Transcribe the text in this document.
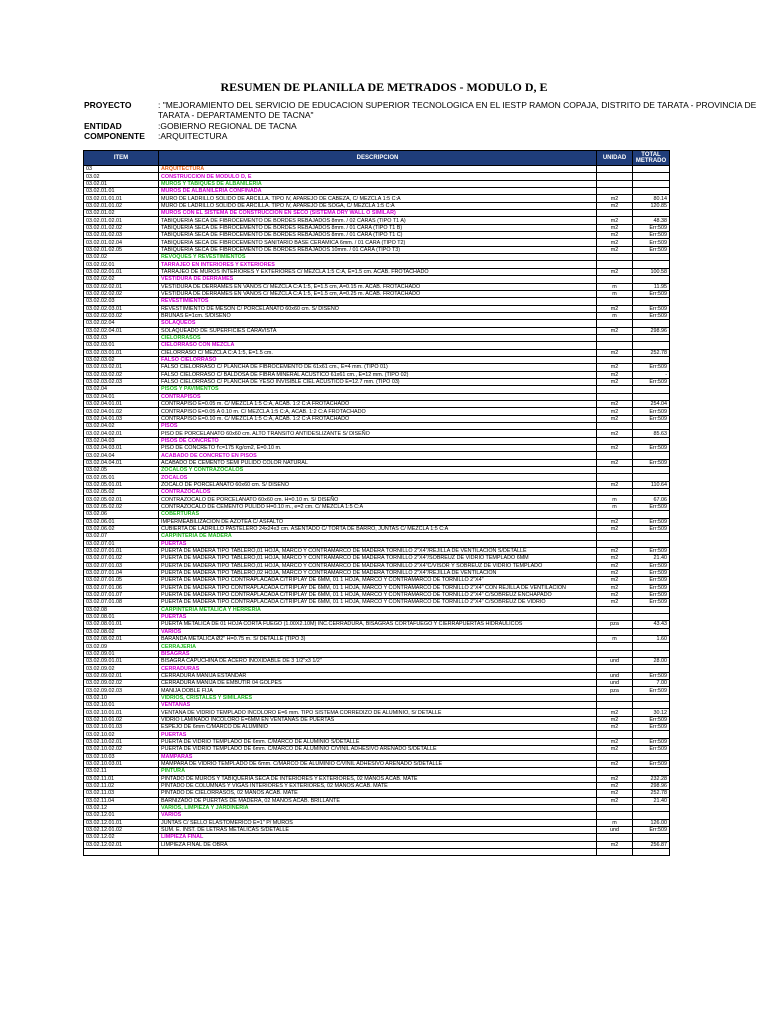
RESUMEN DE PLANILLA DE METRADOS - MODULO D, E
PROYECTO	: "MEJORAMIENTO DEL SERVICIO DE EDUCACION SUPERIOR TECNOLOGICA EN EL IESTP RAMON COPAJA, DISTRITO DE TARATA - PROVINCIA DE TARATA - DEPARTAMENTO DE TACNA"
ENTIDAD	:GOBIERNO REGIONAL DE TACNA
COMPONENTE :ARQUITECTURA
ITEM	DESCRIPCION	UNIDAD	TOTAL METRADO
03	ARQUITECTURA		
03.02	CONSTRUCCION DE MODULO D, E		
03.02.01	MUROS Y TABIQUES DE ALBAÑILERIA		
03.02.01.01	MUROS DE ALBAÑILERIA CONFINADA		
03.02.01.01.01	MURO DE LADRILLO SOLIDO DE ARCILLA. TIPO IV, APAREJO DE CABEZA, C/ MEZCLA 1:5 C:A	m2	80.14
03.02.01.01.02	MURO DE LADRILLO SOLIDO DE ARCILLA. TIPO IV, APAREJO DE SOGA, C/ MEZCLA 1:5 C:A	m2	120.85
03.02.01.02	MUROS CON EL SISTEMA DE CONSTRUCCION EN SECO (SISTEMA DRY WALL O SIMILAR)		
03.02.01.02.01	TABIQUERIA SECA DE FIBROCEMENTO DE BORDES REBAJADOS 8mm. / 02 CARAS (TIPO T1 A)	m2	48.38
03.02.01.02.02	TABIQUERIA SECA DE FIBROCEMENTO DE BORDES REBAJADOS 8mm. / 01 CARA (TIPO T1 B)	m2	Err:509
03.02.01.02.03	TABIQUERIA SECA DE FIBROCEMENTO DE BORDES REBAJADOS 8mm. / 01 CARA (TIPO T1 C)	m2	Err:509
03.02.01.02.04	TABIQUERIA SECA DE FIBROCEMENTO SANITARIO BASE CERAMICA 6mm. / 01 CARA (TIPO T2)	m2	Err:509
03.02.01.02.05	TABIQUERIA SECA DE FIBROCEMENTO DE BORDES REBAJADOS 10mm. / 01 CARA (TIPO T3)	m2	Err:509
03.02.02	REVOQUES Y REVESTIMIENTOS		
03.02.02.01	TARRAJEO EN INTERIORES Y EXTERIORES		
03.02.02.01.01	TARRAJEO DE MUROS INTERIORES Y EXTERIORES C/ MEZCLA 1:5 C:A, E=1.5 cm. ACAB. FROTACHADO	m2	100.58
03.02.02.02	VESTIDURA DE DERRAMES		
03.02.02.02.01	VESTIDURA DE DERRAMES EN VANOS C/ MEZCLA C:A 1:5, E=1.5 cm, A=0.15 m. ACAB. FROTACHADO	m	11.95
03.02.02.02.02	VESTIDURA DE DERRAMES EN VANOS C/ MEZCLA C:A 1:5, E=1.5 cm, A=0.25 m. ACAB. FROTACHADO	m	Err:509
03.02.02.03	REVESTIMIENTOS		
03.02.02.03.01	REVESTIMIENTO DE MESON C/ PORCELANATO 60x60 cm. S/ DISEÑO	m2	Err:509
03.02.02.03.02	BRUÑAS E=1cm. S/DISEÑO	m	Err:509
03.02.02.04	SOLAQUEOS		
03.02.02.04.01	SOLAQUEADO DE SUPERFICIES CARAVISTA	m2	298.96
03.02.03	CIELORRASOS		
03.02.03.01	CIELORRASO CON MEZCLA		
03.02.03.01.01	CIELORRASO C/ MEZCLA C:A 1:5, E=1.5 cm.	m2	252.78
03.02.03.02	FALSO CIELORRASO		
03.02.03.02.01	FALSO CIELORRASO C/ PLANCHA DE FIBROCEMENTO DE 61x61 cm., E=4 mm. (TIPO 01)	m2	Err:509
03.02.03.02.02	FALSO CIELORRASO C/ BALDOSA DE FIBRA MINERAL ACUSTICO 61x61 cm., E=12 mm. (TIPO 02)	m2	-
03.02.03.02.03	FALSO CIELORRASO C/ PLANCHA DE YESO INVISIBLE CIEL ACUSTICO E=12.7 mm. (TIPO 03)	m2	Err:509
03.02.04	PISOS Y PAVIMENTOS		
03.02.04.01	CONTRAPISOS		
03.02.04.01.01	CONTRAPISO E=0.05 m. C/ MEZCLA 1:5 C:A, ACAB. 1:2 C:A FROTACHADO	m2	254.04
03.02.04.01.02	CONTRAPISO E=0.05 A 0.10 m. C/ MEZCLA 1:5 C:A, ACAB. 1:2 C:A FROTACHADO	m2	Err:509
03.02.04.01.03	CONTRAPISO E=0.10 m. C/ MEZCLA 1:5 C:A, ACAB. 1:2 C:A FROTACHADO	m2	Err:509
03.02.04.02	PISOS		
03.02.04.02.01	PISO DE PORCELANATO 60x60 cm. ALTO TRANSITO ANTIDESLIZANTE S/ DISEÑO	m2	85.63
03.02.04.03	PISOS DE CONCRETO		
03.02.04.03.01	PISO DE CONCRETO f'c=175 Kg/cm2, E=0.10 m.	m2	Err:509
03.02.04.04	ACABADO DE CONCRETO EN PISOS		
03.02.04.04.01	ACABADO DE CEMENTO SEMI PULIDO COLOR NATURAL	m2	Err:509
03.02.05	ZOCALOS Y CONTRAZOCALOS		
03.02.05.01	ZOCALOS		
03.02.05.01.01	ZOCALO DE PORCELANATO 60x60 cm. S/ DISEÑO	m2	110.64
03.02.05.02	CONTRAZOCALOS		
03.02.05.02.01	CONTRAZOCALO DE PORCELANATO 60x60 cm. H=0.10 m. S/ DISEÑO	m	67.06
03.02.05.02.02	CONTRAZOCALO DE CEMENTO PULIDO H=0.10 m., e=2 cm. C/ MEZCLA 1:5 C:A	m	Err:509
03.02.06	COBERTURAS		
03.02.06.01	IMPERMEABILIZACIÓN DE AZOTEA C/ ASFALTO	m2	Err:509
03.02.06.02	CUBIERTA DE LADRILLO PASTELERO 24x24x3 cm. ASENTADO C/ TORTA DE BARRO, JUNTAS C/ MEZCLA 1:5 C:A	m2	Err:509
03.02.07	CARPINTERIA DE MADERA		
03.02.07.01	PUERTAS		
03.02.07.01.01	PUERTA DE MADERA TIPO TABLERO,01 HOJA, MARCO Y CONTRAMARCO DE MADERA TORNILLO 2"X4"/REJILLA DE VENTILACION S/DETALLE	m2	Err:509
03.02.07.01.02	PUERTA DE MADERA TIPO TABLERO,01 HOJA, MARCO Y CONTRAMARCO DE MADERA TORNILLO 2"X4"/SOBREUZ DE VIDRIO TEMPLADO 6MM	m2	21.40
03.02.07.01.03	PUERTA DE MADERA TIPO TABLERO,01 HOJA, MARCO Y CONTRAMARCO DE MADERA TORNILLO 2"X4"C/VISOR Y SOBREUZ DE VIDRIO TEMPLADO	m2	Err:509
03.02.07.01.04	PUERTA DE MADERA TIPO TABLERO,02 HOJA, MARCO Y CONTRAMARCO DE MADERA TORNILLO 2"X4"/REJILLA DE VENTILACION	m2	Err:509
03.02.07.01.05	PUERTA DE MADERA TIPO CONTRAPLACADA C/TRIPLAY DE 6MM, 01 1 HOJA, MARCO Y CONTRAMARCO DE TORNILLO 2"X4"	m2	Err:509
03.02.07.01.06	PUERTA DE MADERA TIPO CONTRAPLACADA C/TRIPLAY DE 6MM, 01 1 HOJA, MARCO Y CONTRAMARCO DE TORNILLO 2"X4" CON REJILLA DE VENTILACION	m2	Err:509
03.02.07.01.07	PUERTA DE MADERA TIPO CONTRAPLACADA C/TRIPLAY DE 6MM, 01 1 HOJA, MARCO Y CONTRAMARCO DE TORNILLO 2"X4" C/SOBREUZ ENCHAPADO	m2	Err:509
03.02.07.01.08	PUERTA DE MADERA TIPO CONTRAPLACADA C/TRIPLAY DE 6MM, 01 1 HOJA, MARCO Y CONTRAMARCO DE TORNILLO 2"X4" C/SOBREUZ DE VIDRIO	m2	Err:509
03.02.08	CARPINTERIA METALICA Y HERRERIA		
03.02.08.01	PUERTAS		
03.02.08.01.01	PUERTA METALICA DE 01 HOJA CORTA FUEGO (1.00X2.10M) INC.CERRADURA, BISAGRAS CORTAFUEGO Y CIERRAPUERTAS HIDRAULICOS	pza	43.43
03.02.08.02	VARIOS		
03.02.08.02.01	BARANDA METALICA Ø2" H=0.75 m. S/ DETALLE (TIPO 3)	m	1.60
03.02.09	CERRAJERIA		
03.02.09.01	BISAGRAS		
03.02.09.01.01	BISAGRA CAPUCHINA DE ACERO INOXIDABLE DE 3 1/2"x3 1/2"	und	28.00
03.02.09.02	CERRADURAS		
03.02.09.02.01	CERRADURA MANIJA ESTANDAR	und	Err:509
03.02.09.02.02	CERRADURA MANIJA DE EMBUTIR 04 GOLPES	und	7.00
03.02.09.02.03	MANIJA DOBLE FIJA	pza	Err:509
03.02.10	VIDRIOS, CRISTALES Y SIMILARES		
03.02.10.01	VENTANAS		
03.02.10.01.01	VENTANA DE VIDRIO TEMPLADO INCOLORO E=6 mm. TIPO SISTEMA CORREDIZO DE ALUMINIO, S/ DETALLE	m2	30.12
03.02.10.01.02	VIDRIO LAMINADO INCOLORO E=6MM EN VENTANAS DE PUERTAS	m2	Err:509
03.02.10.01.03	ESPEJO DE 6mm C/MARCO DE ALUMINIO	m2	Err:509
03.02.10.02	PUERTAS		
03.02.10.02.01	PUERTA DE VIDRIO TEMPLADO DE 6mm. C/MARCO DE ALUMINIO S/DETALLE	m2	Err:509
03.02.10.02.02	PUERTA DE VIDRIO TEMPLADO DE 6mm. C/MARCO DE ALUMINIO C/VINIL ADHESIVO ARENADO S/DETALLE	m2	Err:509
03.02.10.03	MAMPARAS		
03.02.10.03.01	MAMPARA DE VIDRIO TEMPLADO DE 6mm. C/MARCO DE ALUMINIO C/VINIL ADHESIVO ARENADO S/DETALLE	m2	Err:509
03.02.11	PINTURA		
03.02.11.01	PINTADO DE MUROS Y TABIQUERIA SECA DE INTERIORES Y EXTERIORES, 02 MANOS ACAB. MATE	m2	232.28
03.02.11.02	PINTADO DE COLUMNAS Y VIGAS INTERIORES Y EXTERIORES, 02 MANOS ACAB. MATE	m2	298.96
03.02.11.03	PINTADO DE CIELORRASOS, 02 MANOS ACAB. MATE	m2	252.78
03.02.11.04	BARNIZADO DE PUERTAS DE MADERA, 02 MANOS ACAB. BRILLANTE	m2	21.40
03.02.12	VARIOS, LIMPIEZA Y JARDINERIA		
03.02.12.01	VARIOS		
03.02.12.01.01	JUNTAS C/ SELLO ELASTOMERICO E=1" P/ MUROS	m	126.00
03.02.12.01.02	SUM. E. INST. DE LETRAS METALICAS S/DETALLE	und	Err:509
03.02.12.02	LIMPIEZA FINAL		
03.02.12.02.01	LIMPIEZA FINAL DE OBRA	m2	256.87
